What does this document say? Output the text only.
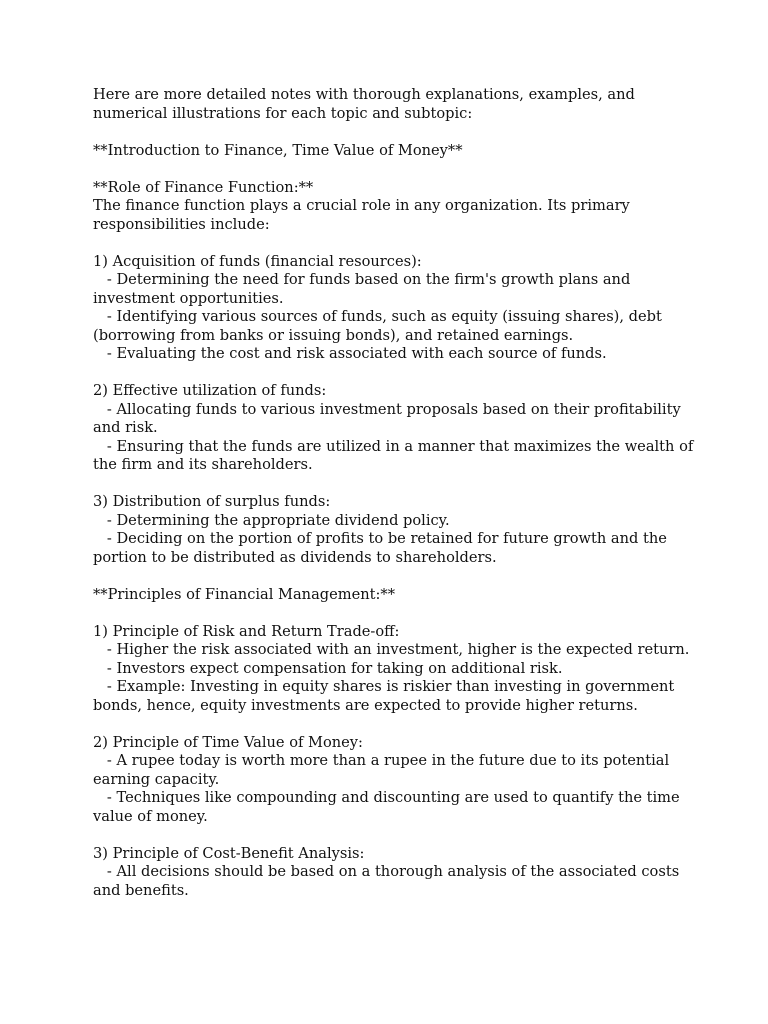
Here are more detailed notes with thorough explanations, examples, and
numerical illustrations for each topic and subtopic:
**Introduction to Finance, Time Value of Money**
**Role of Finance Function:**
The finance function plays a crucial role in any organization. Its primary
responsibilities include:
1) Acquisition of funds (financial resources):
- Determining the need for funds based on the firm's growth plans and
investment opportunities.
- Identifying various sources of funds, such as equity (issuing shares), debt
(borrowing from banks or issuing bonds), and retained earnings.
- Evaluating the cost and risk associated with each source of funds.
2) Effective utilization of funds:
- Allocating funds to various investment proposals based on their profitability
and risk.
- Ensuring that the funds are utilized in a manner that maximizes the wealth of
the firm and its shareholders.
3) Distribution of surplus funds:
- Determining the appropriate dividend policy.
- Deciding on the portion of profits to be retained for future growth and the
portion to be distributed as dividends to shareholders.
**Principles of Financial Management:**
1) Principle of Risk and Return Trade-off:
- Higher the risk associated with an investment, higher is the expected return.
- Investors expect compensation for taking on additional risk.
- Example: Investing in equity shares is riskier than investing in government
bonds, hence, equity investments are expected to provide higher returns.
2) Principle of Time Value of Money:
- A rupee today is worth more than a rupee in the future due to its potential
earning capacity.
- Techniques like compounding and discounting are used to quantify the time
value of money.
3) Principle of Cost-Benefit Analysis:
- All decisions should be based on a thorough analysis of the associated costs
and benefits.
